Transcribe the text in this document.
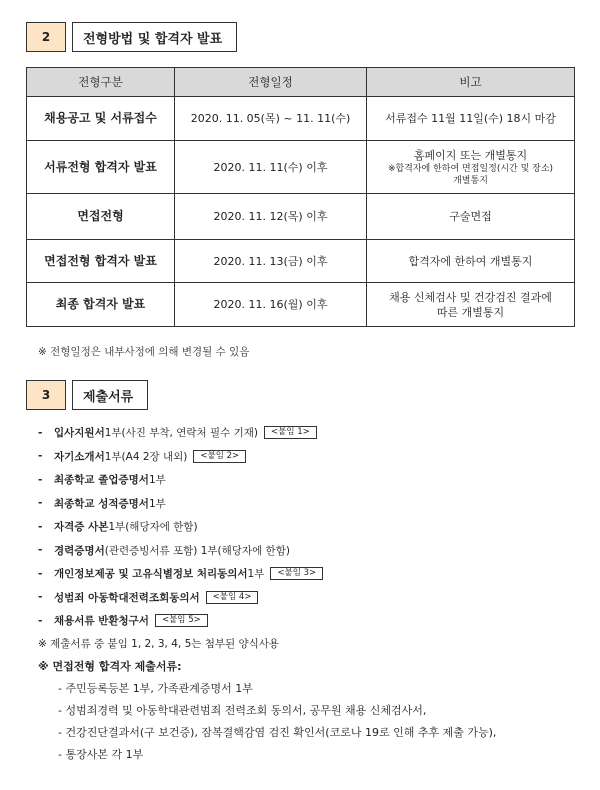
2	전형방법 및 합격자 발표
전형구분	전형일정	비고
채용공고 및 서류접수	2020. 11. 05(목) ~ 11. 11(수)	서류접수 11월 11일(수) 18시 마감
서류전형 합격자 발표	2020. 11. 11(수) 이후	홈페이지 또는 개별통지
※합격자에 한하여 면접일정(시간 및 장소)
개별통지

면접전형	2020. 11. 12(목) 이후	구술면접
면접전형 합격자 발표	2020. 11. 13(금) 이후	합격자에 한하여 개별통지
최종 합격자 발표	2020. 11. 16(월) 이후	채용 신체검사 및 건강검진 결과에
따른 개별통지
※ 전형일정은 내부사정에 의해 변경될 수 있음
3	제출서류
-	입사지원서 1부(사진 부착, 연락처 필수 기재)	<붙임 1>
-	자기소개서 1부(A4 2장 내외)	<붙임 2>
-	최종학교 졸업증명서 1부
-	최종학교 성적증명서 1부
-	자격증 사본 1부(해당자에 한함)
-	경력증명서 (관련증빙서류 포함) 1부(해당자에 한함)
-	개인정보제공 및 고유식별정보 처리동의서 1부	<붙임 3>
-	성범죄 아동학대전력조회동의서	<붙임 4>
-	채용서류 반환청구서	<붙임 5>
※ 제출서류 중 붙임 1, 2, 3, 4, 5는 첨부된 양식사용
※ 면접전형 합격자 제출서류:
- 주민등록등본 1부, 가족관계증명서 1부
- 성범죄경력 및 아동학대관련범죄 전력조회 동의서, 공무원 채용 신체검사서,
- 건강진단결과서(구 보건증), 잠복결핵감염 검진 확인서(코로나 19로 인해 추후 제출 가능),
- 통장사본 각 1부
